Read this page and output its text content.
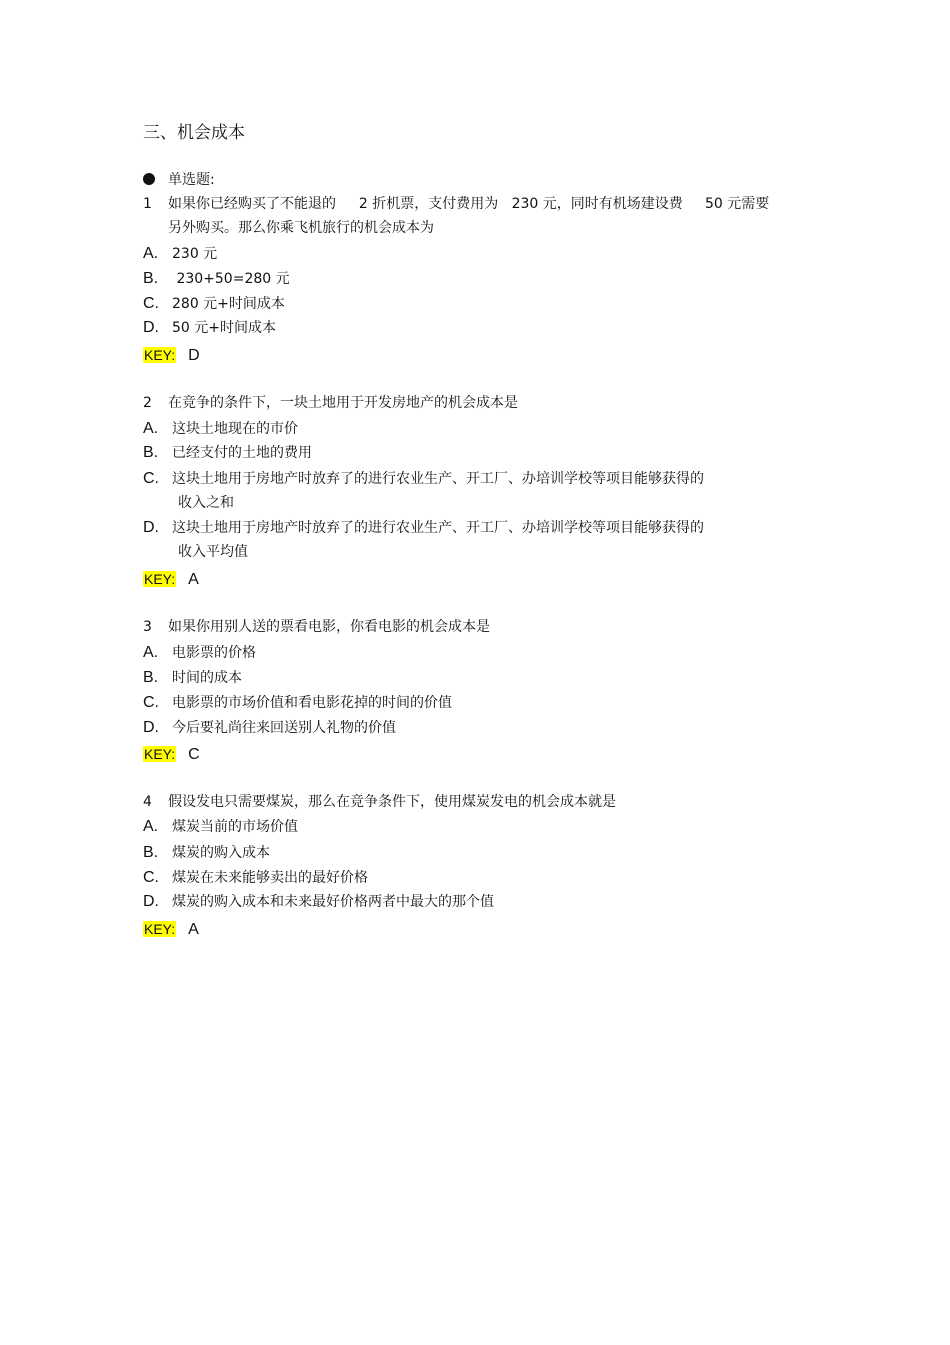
三、机会成本
单选题:
1 如果你已经购买了不能退的　  2 折机票，支付费用为   230 元，同时有机场建设费     50 元需要
另外购买。那么你乘飞机旅行的机会成本为
A. 230 元
B. 230+50=280 元
C. 280 元+时间成本
D. 50 元+时间成本
KEY: D
2 在竞争的条件下，一块土地用于开发房地产的机会成本是
A. 这块土地现在的市价
B. 已经支付的土地的费用
C. 这块土地用于房地产时放弃了的进行农业生产、开工厂、办培训学校等项目能够获得的
收入之和
D. 这块土地用于房地产时放弃了的进行农业生产、开工厂、办培训学校等项目能够获得的
收入平均值
KEY: A
3 如果你用别人送的票看电影，你看电影的机会成本是
A. 电影票的价格
B. 时间的成本
C. 电影票的市场价值和看电影花掉的时间的价值
D. 今后要礼尚往来回送别人礼物的价值
KEY: C
4 假设发电只需要煤炭，那么在竞争条件下，使用煤炭发电的机会成本就是
A. 煤炭当前的市场价值
B. 煤炭的购入成本
C. 煤炭在未来能够卖出的最好价格
D. 煤炭的购入成本和未来最好价格两者中最大的那个值
KEY: A
